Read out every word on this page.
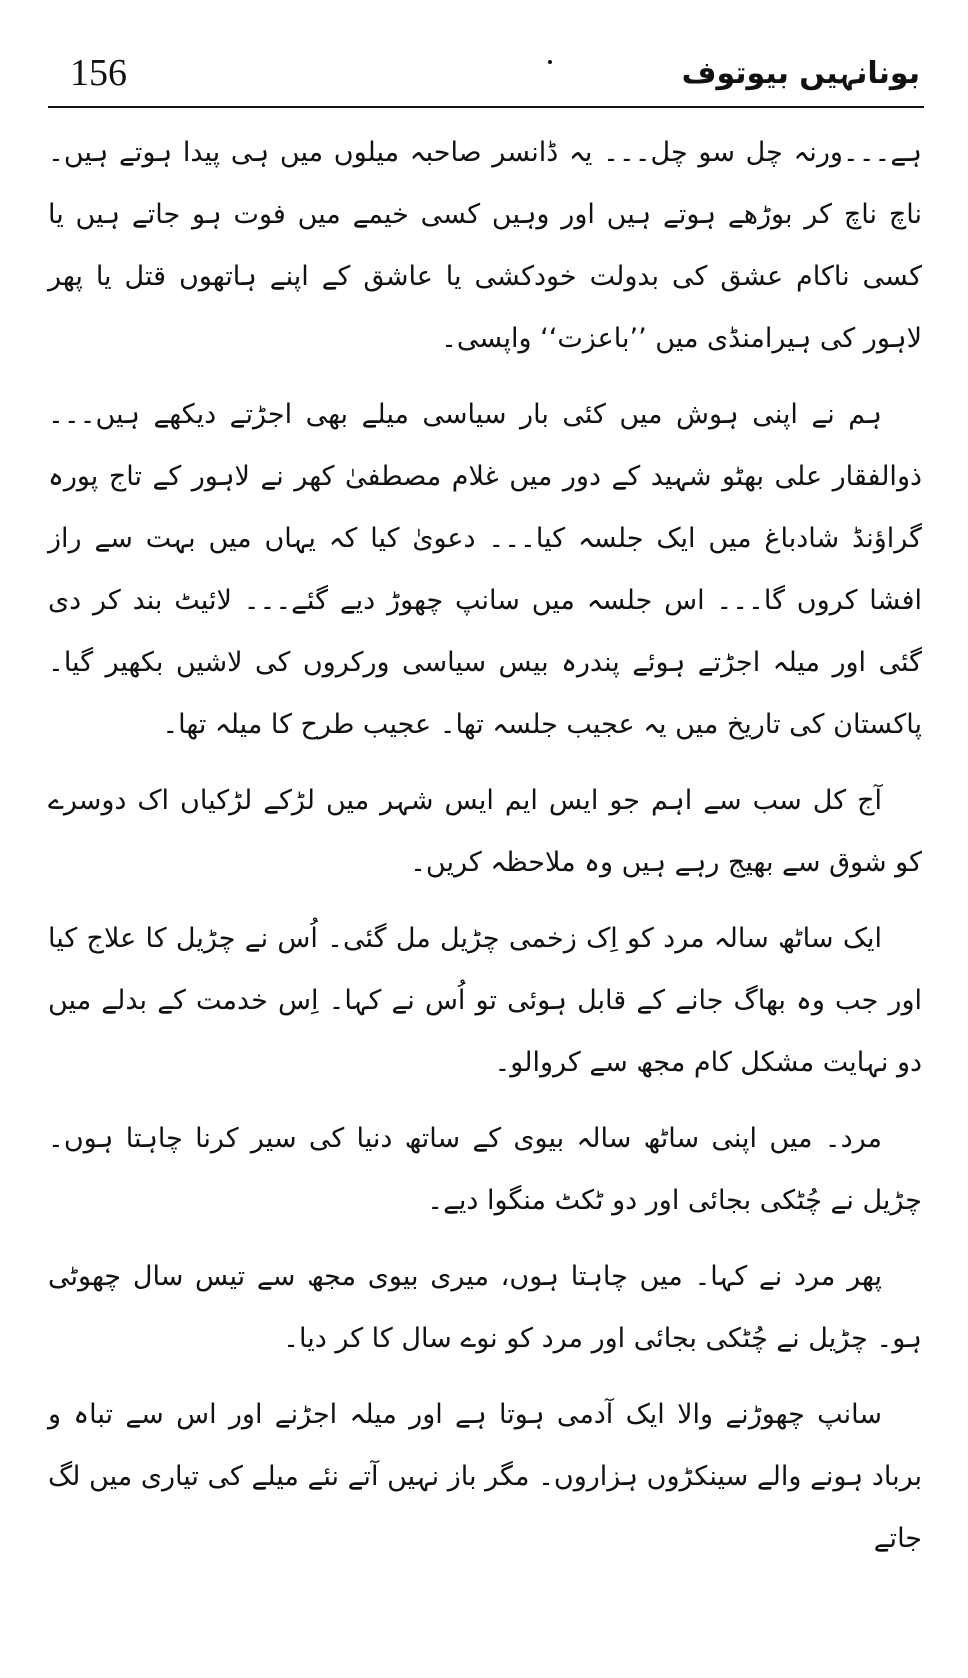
156	بونانہیں بیوتوف

ہے۔۔۔ورنہ چل سو چل۔۔۔ یہ ڈانسر صاحبہ میلوں میں ہی پیدا ہوتے ہیں۔ ناچ ناچ کر بوڑھے ہوتے ہیں اور وہیں کسی خیمے میں فوت ہو جاتے ہیں یا کسی ناکام عشق کی بدولت خودکشی یا عاشق کے اپنے ہاتھوں قتل یا پھر لاہور کی ہیرامنڈی میں ’’باعزت‘‘ واپسی۔

ہم نے اپنی ہوش میں کئی بار سیاسی میلے بھی اجڑتے دیکھے ہیں۔۔۔ ذوالفقار علی بھٹو شہید کے دور میں غلام مصطفیٰ کھر نے لاہور کے تاج پورہ گراؤنڈ شادباغ میں ایک جلسہ کیا۔۔۔ دعویٰ کیا کہ یہاں میں بہت سے راز افشا کروں گا۔۔۔ اس جلسہ میں سانپ چھوڑ دیے گئے۔۔۔ لائیٹ بند کر دی گئی اور میلہ اجڑتے ہوئے پندرہ بیس سیاسی ورکروں کی لاشیں بکھیر گیا۔ پاکستان کی تاریخ میں یہ عجیب جلسہ تھا۔ عجیب طرح کا میلہ تھا۔

آج کل سب سے اہم جو ایس ایم ایس شہر میں لڑکے لڑکیاں اک دوسرے کو شوق سے بھیج رہے ہیں وہ ملاحظہ کریں۔

ایک ساٹھ سالہ مرد کو اِک زخمی چڑیل مل گئی۔ اُس نے چڑیل کا علاج کیا اور جب وہ بھاگ جانے کے قابل ہوئی تو اُس نے کہا۔ اِس خدمت کے بدلے میں دو نہایت مشکل کام مجھ سے کروالو۔

مرد۔ میں اپنی ساٹھ سالہ بیوی کے ساتھ دنیا کی سیر کرنا چاہتا ہوں۔ چڑیل نے چُٹکی بجائی اور دو ٹکٹ منگوا دیے۔

پھر مرد نے کہا۔ میں چاہتا ہوں، میری بیوی مجھ سے تیس سال چھوٹی ہو۔ چڑیل نے چُٹکی بجائی اور مرد کو نوے سال کا کر دیا۔

سانپ چھوڑنے والا ایک آدمی ہوتا ہے اور میلہ اجڑنے اور اس سے تباہ و برباد ہونے والے سینکڑوں ہزاروں۔ مگر باز نہیں آتے نئے میلے کی تیاری میں لگ جاتے
